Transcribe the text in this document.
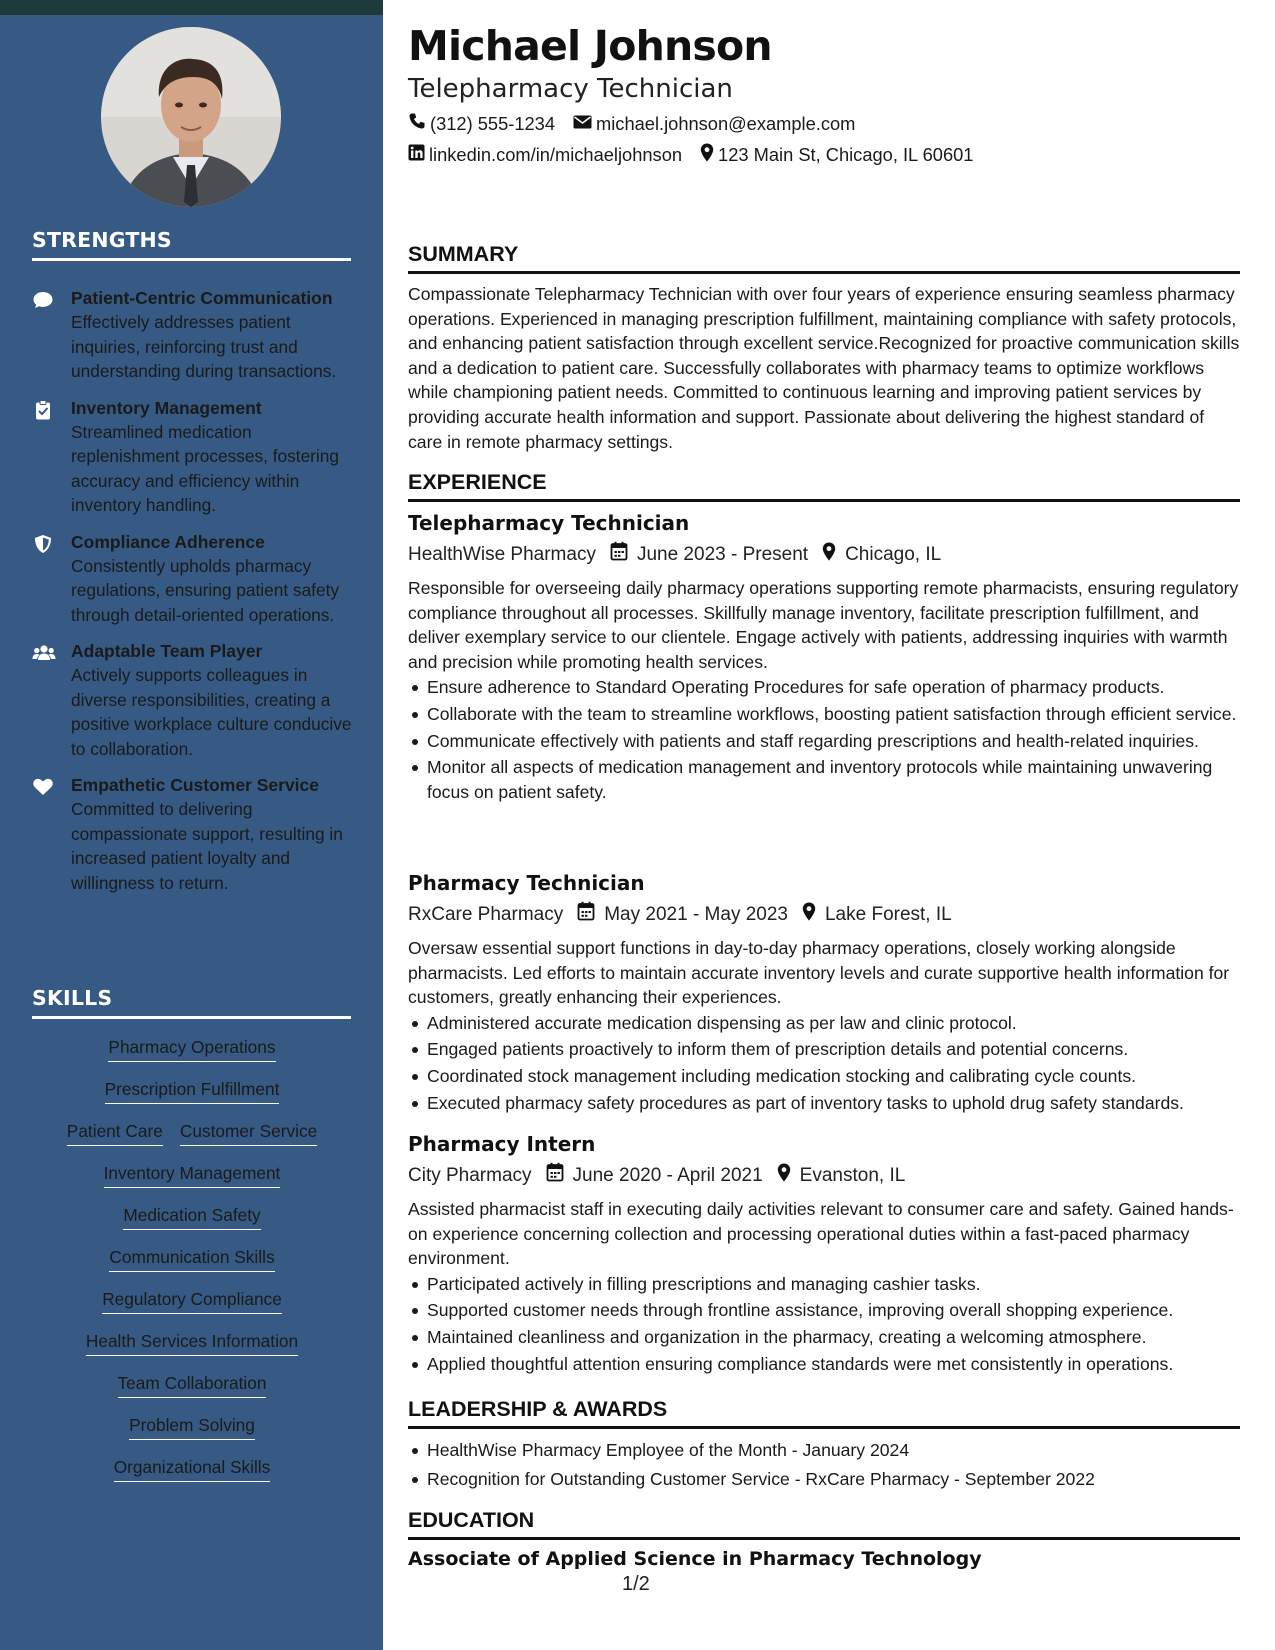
STRENGTHS
Patient-Centric Communication
Effectively addresses patient inquiries, reinforcing trust and understanding during transactions.
Inventory Management
Streamlined medication replenishment processes, fostering accuracy and efficiency within inventory handling.
Compliance Adherence
Consistently upholds pharmacy regulations, ensuring patient safety through detail-oriented operations.
Adaptable Team Player
Actively supports colleagues in diverse responsibilities, creating a positive workplace culture conducive to collaboration.
Empathetic Customer Service
Committed to delivering compassionate support, resulting in increased patient loyalty and willingness to return.
SKILLS
Pharmacy Operations
Prescription Fulfillment
Patient Care Customer Service
Inventory Management
Medication Safety
Communication Skills
Regulatory Compliance
Health Services Information
Team Collaboration
Problem Solving
Organizational Skills
Michael Johnson
Telepharmacy Technician
(312) 555-1234 michael.johnson@example.com
linkedin.com/in/michaeljohnson 123 Main St, Chicago, IL 60601
SUMMARY
Compassionate Telepharmacy Technician with over four years of experience ensuring seamless pharmacy operations. Experienced in managing prescription fulfillment, maintaining compliance with safety protocols, and enhancing patient satisfaction through excellent service.Recognized for proactive communication skills and a dedication to patient care. Successfully collaborates with pharmacy teams to optimize workflows while championing patient needs. Committed to continuous learning and improving patient services by providing accurate health information and support. Passionate about delivering the highest standard of care in remote pharmacy settings.
EXPERIENCE
Telepharmacy Technician
HealthWise Pharmacy June 2023 - Present Chicago, IL
Responsible for overseeing daily pharmacy operations supporting remote pharmacists, ensuring regulatory compliance throughout all processes. Skillfully manage inventory, facilitate prescription fulfillment, and deliver exemplary service to our clientele. Engage actively with patients, addressing inquiries with warmth and precision while promoting health services.
Ensure adherence to Standard Operating Procedures for safe operation of pharmacy products.
Collaborate with the team to streamline workflows, boosting patient satisfaction through efficient service.
Communicate effectively with patients and staff regarding prescriptions and health-related inquiries.
Monitor all aspects of medication management and inventory protocols while maintaining unwavering focus on patient safety.
Pharmacy Technician
RxCare Pharmacy May 2021 - May 2023 Lake Forest, IL
Oversaw essential support functions in day-to-day pharmacy operations, closely working alongside pharmacists. Led efforts to maintain accurate inventory levels and curate supportive health information for customers, greatly enhancing their experiences.
Administered accurate medication dispensing as per law and clinic protocol.
Engaged patients proactively to inform them of prescription details and potential concerns.
Coordinated stock management including medication stocking and calibrating cycle counts.
Executed pharmacy safety procedures as part of inventory tasks to uphold drug safety standards.
Pharmacy Intern
City Pharmacy June 2020 - April 2021 Evanston, IL
Assisted pharmacist staff in executing daily activities relevant to consumer care and safety. Gained hands-on experience concerning collection and processing operational duties within a fast-paced pharmacy environment.
Participated actively in filling prescriptions and managing cashier tasks.
Supported customer needs through frontline assistance, improving overall shopping experience.
Maintained cleanliness and organization in the pharmacy, creating a welcoming atmosphere.
Applied thoughtful attention ensuring compliance standards were met consistently in operations.
LEADERSHIP & AWARDS
HealthWise Pharmacy Employee of the Month - January 2024
Recognition for Outstanding Customer Service - RxCare Pharmacy - September 2022
EDUCATION
Associate of Applied Science in Pharmacy Technology
1/2
